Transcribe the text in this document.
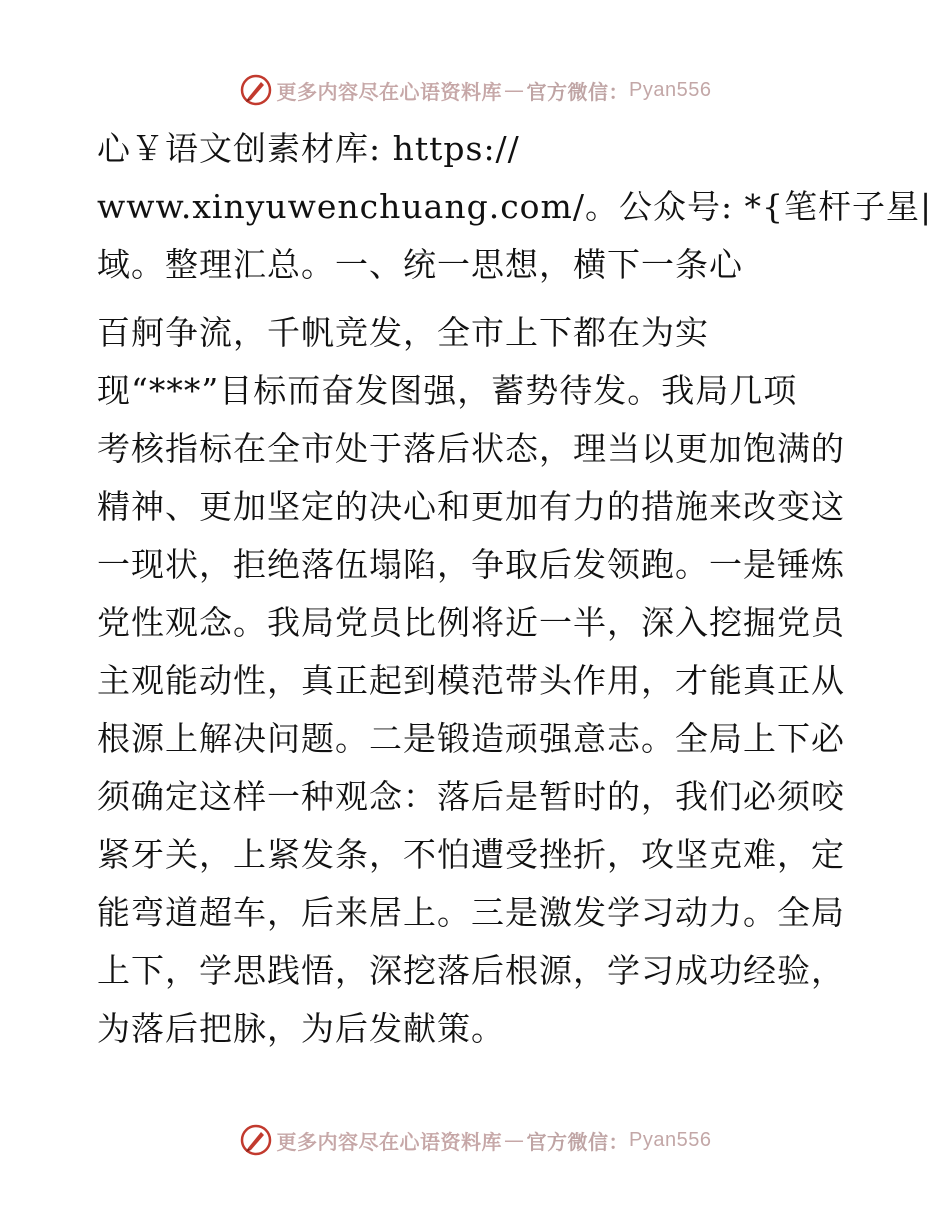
更多内容尽在心语资料库 — 官方微信： Pyan556

心￥语文创素材库: https://

www.xinyuwenchuang.com/。公众号: *{笔杆子星|

域。整理汇总。一、统一思想，横下一条心

百舸争流，千帆竞发，全市上下都在为实

现“***”目标而奋发图强，蓄势待发。我局几项

考核指标在全市处于落后状态，理当以更加饱满的

精神、更加坚定的决心和更加有力的措施来改变这

一现状，拒绝落伍塌陷，争取后发领跑。一是锤炼

党性观念。我局党员比例将近一半，深入挖掘党员

主观能动性，真正起到模范带头作用，才能真正从

根源上解决问题。二是锻造顽强意志。全局上下必

须确定这样一种观念：落后是暂时的，我们必须咬

紧牙关，上紧发条，不怕遭受挫折，攻坚克难，定

能弯道超车，后来居上。三是激发学习动力。全局

上下，学思践悟，深挖落后根源，学习成功经验，

为落后把脉，为后发献策。

更多内容尽在心语资料库 — 官方微信： Pyan556
